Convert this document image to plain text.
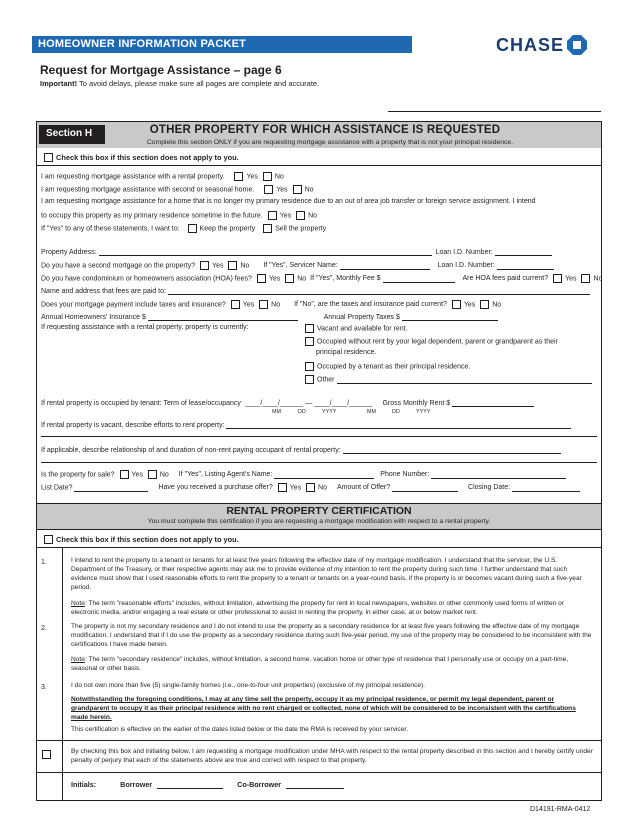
HOMEOWNER INFORMATION PACKET	CHASE
Request for Mortgage Assistance – page 6
Important! To avoid delays, please make sure all pages are complete and accurate.
Section H	OTHER PROPERTY FOR WHICH ASSISTANCE IS REQUESTED
Complete this section ONLY if you are requesting mortgage assistance with a property that is not your principal residence.
Check this box if this section does not apply to you.
I am requesting mortgage assistance with a rental property.	Yes No
I am requesting mortgage assistance with second or seasonal home.	Yes No
I am requesting mortgage assistance for a home that is no longer my primary residence due to an out of area job transfer or foreign service assignment. I intend
to occupy this property as my primary residence sometime in the future. Yes No
If "Yes" to any of these statements, I want to:	Keep the property	Sell the property
Property Address:	Loan I.D. Number:
Do you have a second mortgage on the property? Yes No If "Yes", Servicer Name:	Loan I.D. Number:
Do you have condominium or homeowners association (HOA) fees? Yes No If "Yes", Monthly Fee $	Are HOA fees paid current? Yes No
Name and address that fees are paid to:
Does your mortgage payment include taxes and insurance? Yes No If "No", are the taxes and insurance paid current? Yes No
Annual Homeowners' Insurance $	Annual Property Taxes $
If requesting assistance with a rental property, property is currently:	Vacant and available for rent.
Occupied without rent by your legal dependent, parent or grandparent as their
principal residence.
Occupied by a tenant as their principal residence.
Other
If rental property is occupied by tenant: Term of lease/occupancy ____/____/______ — ____/____/______ Gross Monthly Rent $
MM	DD	YYYY	MM	DD	YYYY
If rental property is vacant, describe efforts to rent property:
If applicable, describe relationship of and duration of non-rent paying occupant of rental property:
Is the property for sale? Yes No If "Yes", Listing Agent's Name:	Phone Number:
List Date?	Have you received a purchase offer? Yes No Amount of Offer?	Closing Date:
RENTAL PROPERTY CERTIFICATION
You must complete this certification if you are requesting a mortgage modification with respect to a rental property.
Check this box if this section does not apply to you.
1.	I intend to rent the property to a tenant or tenants for at least five years following the effective date of my mortgage modification. I understand that the servicer, the U.S. Department of the Treasury, or their respective agents may ask me to provide evidence of my intention to rent the property during such time. I further understand that such evidence must show that I used reasonable efforts to rent the property to a tenant or tenants on a year-round basis, if the property is or becomes vacant during such a five-year period.
Note: The term "reasonable efforts" includes, without limitation, advertising the property for rent in local newspapers, websites or other commonly used forms of written or electronic media, and/or engaging a real estate or other professional to assist in renting the property, in either case, at or below market rent.
2.	The property is not my secondary residence and I do not intend to use the property as a secondary residence for at least five years following the effective date of my mortgage modification. I understand that if I do use the property as a secondary residence during such five-year period, my use of the property may be considered to be inconsistent with the certifications I have made herein.
Note: The term "secondary residence" includes, without limitation, a second home, vacation home or other type of residence that I personally use or occupy on a part-time, seasonal or other basis.
3.	I do not own more than five (5) single-family homes (i.e., one-to-four unit properties) (exclusive of my principal residence).
Notwithstanding the foregoing conditions, I may at any time sell the property, occupy it as my principal residence, or permit my legal dependent, parent or grandparent to occupy it as their principal residence with no rent charged or collected, none of which will be considered to be inconsistent with the certifications made herein.
This certification is effective on the earlier of the dates listed below or the date the RMA is received by your servicer.
By checking this box and initialing below, I am requesting a mortgage modification under MHA with respect to the rental property described in this section and I hereby certify under penalty of perjury that each of the statements above are true and correct with respect to that property.
Initials:	Borrower	Co-Borrower
D14191-RMA-0412
